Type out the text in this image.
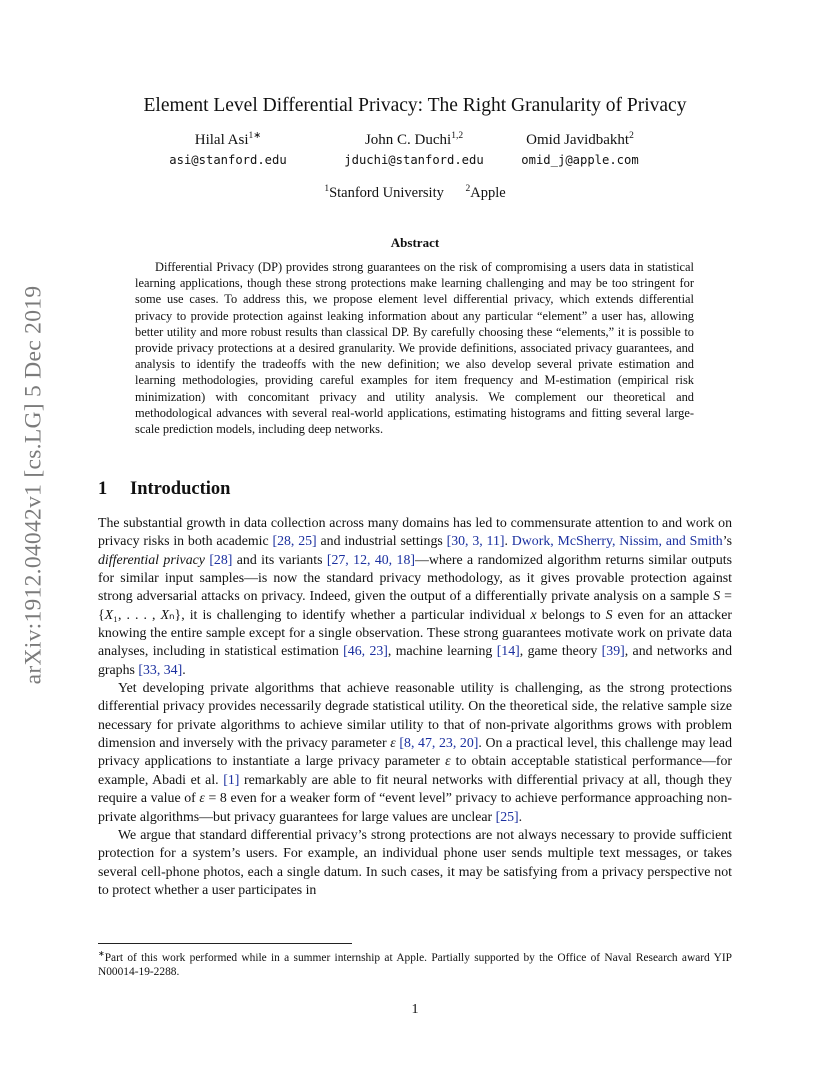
arXiv:1912.04042v1 [cs.LG] 5 Dec 2019
Element Level Differential Privacy: The Right Granularity of Privacy
Hilal Asi$^{1∗}$
asi@stanford.edu
John C. Duchi$^{1,2}$
jduchi@stanford.edu
Omid Javidbakht$^2$
omid_j@apple.com
$^1$Stanford University $^2$Apple
Abstract

Differential Privacy (DP) provides strong guarantees on the risk of compromising a users data in statistical learning applications, though these strong protections make learning challenging and may be too stringent for some use cases. To address this, we propose element level differential privacy, which extends differential privacy to provide protection against leaking information about any particular “element” a user has, allowing better utility and more robust results than classical DP. By carefully choosing these “elements,” it is possible to provide privacy protections at a desired granularity. We provide definitions, associated privacy guarantees, and analysis to identify the tradeoffs with the new definition; we also develop several private estimation and learning methodologies, providing careful examples for item frequency and M-estimation (empirical risk minimization) with concomitant privacy and utility analysis. We complement our theoretical and methodological advances with several real-world applications, estimating histograms and fitting several large-scale prediction models, including deep networks.

1 Introduction

The substantial growth in data collection across many domains has led to commensurate attention to and work on privacy risks in both academic [28, 25] and industrial settings [30, 3, 11]. Dwork, McSherry, Nissim, and Smith’s differential privacy [28] and its variants [27, 12, 40, 18]—where a randomized algorithm returns similar outputs for similar input samples—is now the standard privacy methodology, as it gives provable protection against strong adversarial attacks on privacy. Indeed, given the output of a differentially private analysis on a sample S = {X₁, . . . , Xₙ}, it is challenging to identify whether a particular individual x belongs to S even for an attacker knowing the entire sample except for a single observation. These strong guarantees motivate work on private data analyses, including in statistical estimation [46, 23], machine learning [14], game theory [39], and networks and graphs [33, 34].

Yet developing private algorithms that achieve reasonable utility is challenging, as the strong protections differential privacy provides necessarily degrade statistical utility. On the theoretical side, the relative sample size necessary for private algorithms to achieve similar utility to that of non-private algorithms grows with problem dimension and inversely with the privacy parameter ε [8, 47, 23, 20]. On a practical level, this challenge may lead privacy applications to instantiate a large privacy parameter ε to obtain acceptable statistical performance—for example, Abadi et al. [1] remarkably are able to fit neural networks with differential privacy at all, though they require a value of ε = 8 even for a weaker form of “event level” privacy to achieve performance approaching non-private algorithms—but privacy guarantees for large values are unclear [25].

We argue that standard differential privacy’s strong protections are not always necessary to provide sufficient protection for a system’s users. For example, an individual phone user sends multiple text messages, or takes several cell-phone photos, each a single datum. In such cases, it may be satisfying from a privacy perspective not to protect whether a user participates in

∗Part of this work performed while in a summer internship at Apple. Partially supported by the Office of Naval Research award YIP N00014-19-2288.
1
